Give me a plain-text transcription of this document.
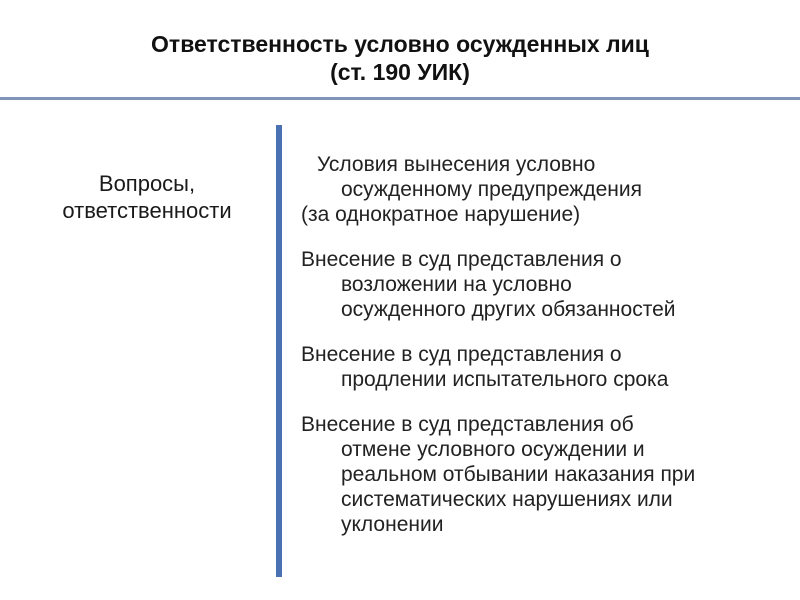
Ответственность условно осужденных лиц
(ст. 190 УИК)
Вопросы,
ответственности
Условия вынесения условно
осужденному предупреждения
(за однократное нарушение)
Внесение в суд представления о
возложении на условно
осужденного других обязанностей
Внесение в суд представления о
продлении испытательного срока
Внесение в суд представления об
отмене условного осуждении и
реальном отбывании наказания при
систематических нарушениях или
уклонении
